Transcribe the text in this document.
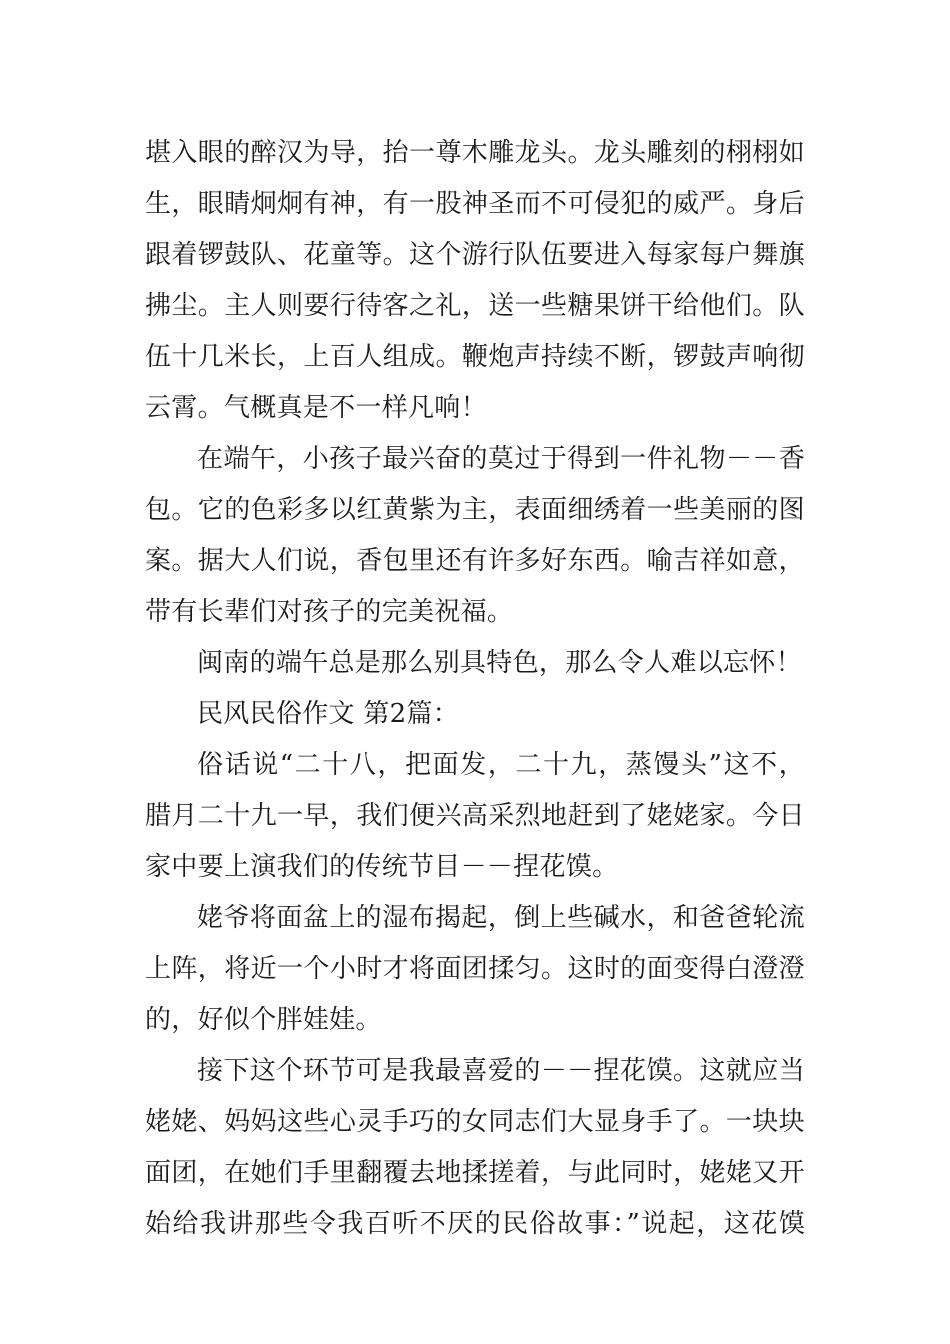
堪入眼的醉汉为导，抬一尊木雕龙头。龙头雕刻的栩栩如
生，眼睛炯炯有神，有一股神圣而不可侵犯的威严。身后
跟着锣鼓队、花童等。这个游行队伍要进入每家每户舞旗
拂尘。主人则要行待客之礼，送一些糖果饼干给他们。队
伍十几米长，上百人组成。鞭炮声持续不断，锣鼓声响彻
云霄。气概真是不一样凡响！
在端午，小孩子最兴奋的莫过于得到一件礼物－－香
包。它的色彩多以红黄紫为主，表面细绣着一些美丽的图
案。据大人们说，香包里还有许多好东西。喻吉祥如意，
带有长辈们对孩子的完美祝福。
闽南的端午总是那么别具特色，那么令人难以忘怀！
民风民俗作文 第2篇：
俗话说“二十八，把面发，二十九，蒸馒头”这不，
腊月二十九一早，我们便兴高采烈地赶到了姥姥家。今日
家中要上演我们的传统节目－－捏花馍。
姥爷将面盆上的湿布揭起，倒上些碱水，和爸爸轮流
上阵，将近一个小时才将面团揉匀。这时的面变得白澄澄
的，好似个胖娃娃。
接下这个环节可是我最喜爱的－－捏花馍。这就应当
姥姥、妈妈这些心灵手巧的女同志们大显身手了。一块块
面团，在她们手里翻覆去地揉搓着，与此同时，姥姥又开
始给我讲那些令我百听不厌的民俗故事：”说起，这花馍
